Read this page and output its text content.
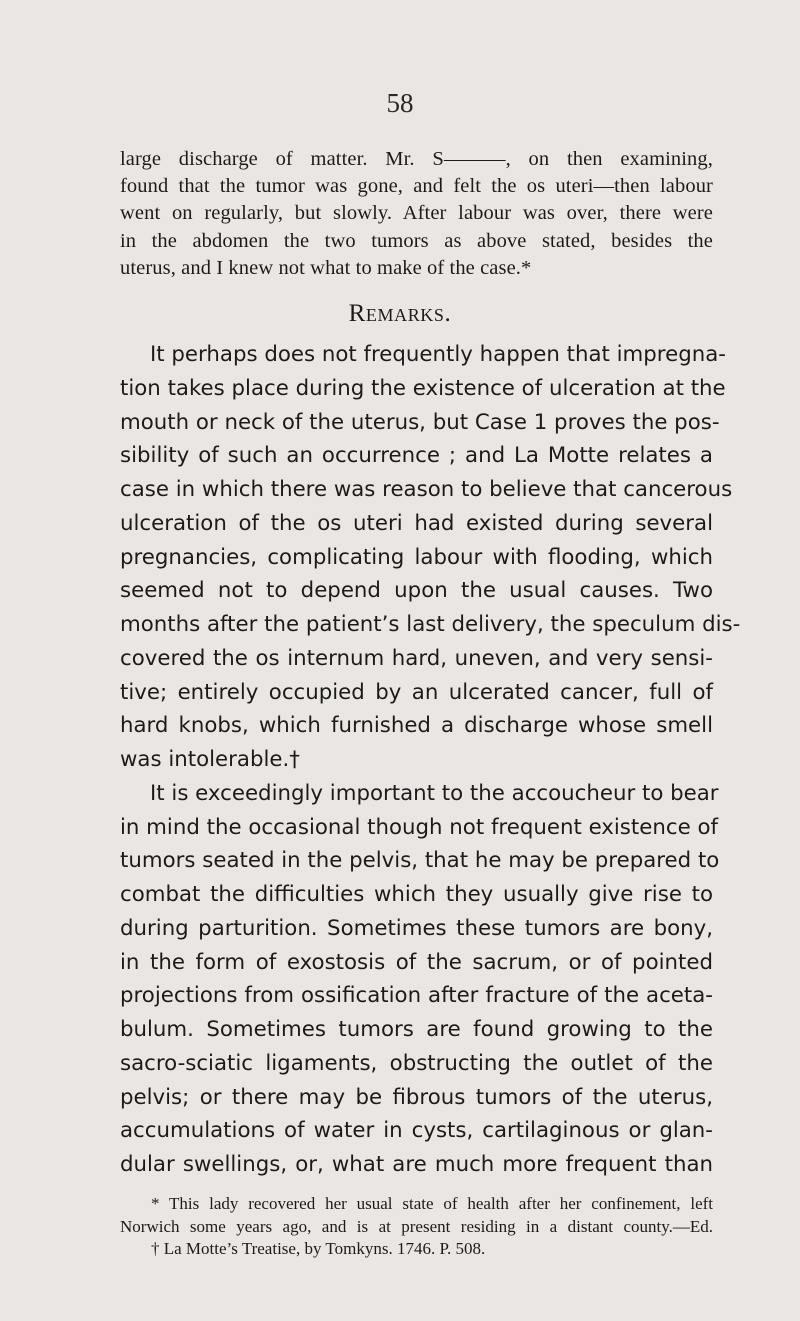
58
large discharge of matter. Mr. S———, on then examining,
found that the tumor was gone, and felt the os uteri—then labour
went on regularly, but slowly. After labour was over, there were
in the abdomen the two tumors as above stated, besides the
uterus, and I knew not what to make of the case.*
Remarks.
It perhaps does not frequently happen that impregna-
tion takes place during the existence of ulceration at the
mouth or neck of the uterus, but Case 1 proves the pos-
sibility of such an occurrence ; and La Motte relates a
case in which there was reason to believe that cancerous
ulceration of the os uteri had existed during several
pregnancies, complicating labour with flooding, which
seemed not to depend upon the usual causes. Two
months after the patient’s last delivery, the speculum dis-
covered the os internum hard, uneven, and very sensi-
tive; entirely occupied by an ulcerated cancer, full of
hard knobs, which furnished a discharge whose smell
was intolerable.†
It is exceedingly important to the accoucheur to bear
in mind the occasional though not frequent existence of
tumors seated in the pelvis, that he may be prepared to
combat the difficulties which they usually give rise to
during parturition. Sometimes these tumors are bony,
in the form of exostosis of the sacrum, or of pointed
projections from ossification after fracture of the aceta-
bulum. Sometimes tumors are found growing to the
sacro-sciatic ligaments, obstructing the outlet of the
pelvis; or there may be fibrous tumors of the uterus,
accumulations of water in cysts, cartilaginous or glan-
dular swellings, or, what are much more frequent than
* This lady recovered her usual state of health after her confinement, left
Norwich some years ago, and is at present residing in a distant county.—Ed.
† La Motte’s Treatise, by Tomkyns. 1746. P. 508.
